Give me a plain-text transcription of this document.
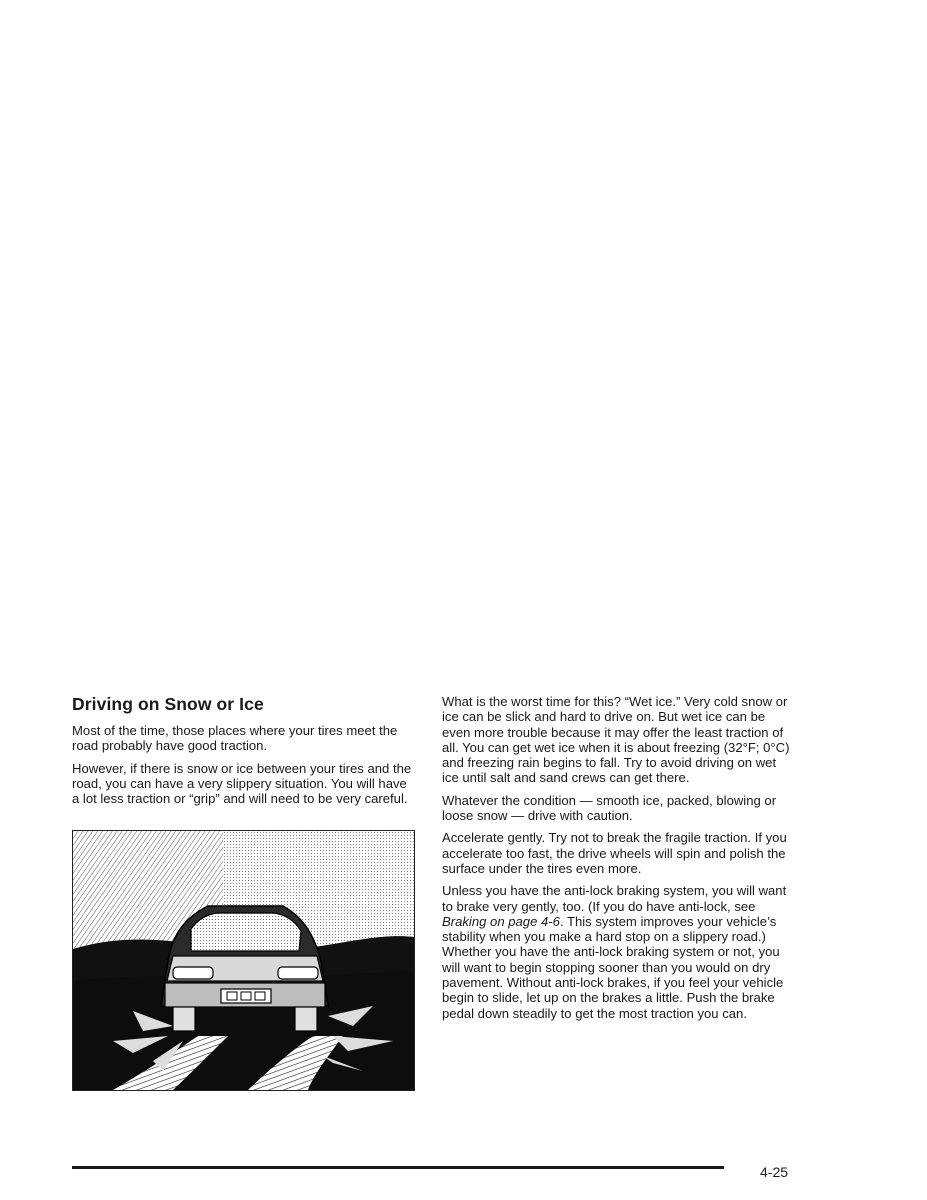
Driving on Snow or Ice

Most of the time, those places where your tires meet the road probably have good traction.

However, if there is snow or ice between your tires and the road, you can have a very slippery situation. You will have a lot less traction or “grip” and will need to be very careful.

What is the worst time for this? “Wet ice.” Very cold snow or ice can be slick and hard to drive on. But wet ice can be even more trouble because it may offer the least traction of all. You can get wet ice when it is about freezing (32°F; 0°C) and freezing rain begins to fall. Try to avoid driving on wet ice until salt and sand crews can get there.

Whatever the condition — smooth ice, packed, blowing or loose snow — drive with caution.

Accelerate gently. Try not to break the fragile traction. If you accelerate too fast, the drive wheels will spin and polish the surface under the tires even more.

Unless you have the anti-lock braking system, you will want to brake very gently, too. (If you do have anti-lock, see Braking on page 4-6. This system improves your vehicle’s stability when you make a hard stop on a slippery road.) Whether you have the anti-lock braking system or not, you will want to begin stopping sooner than you would on dry pavement. Without anti-lock brakes, if you feel your vehicle begin to slide, let up on the brakes a little. Push the brake pedal down steadily to get the most traction you can.

4-25
